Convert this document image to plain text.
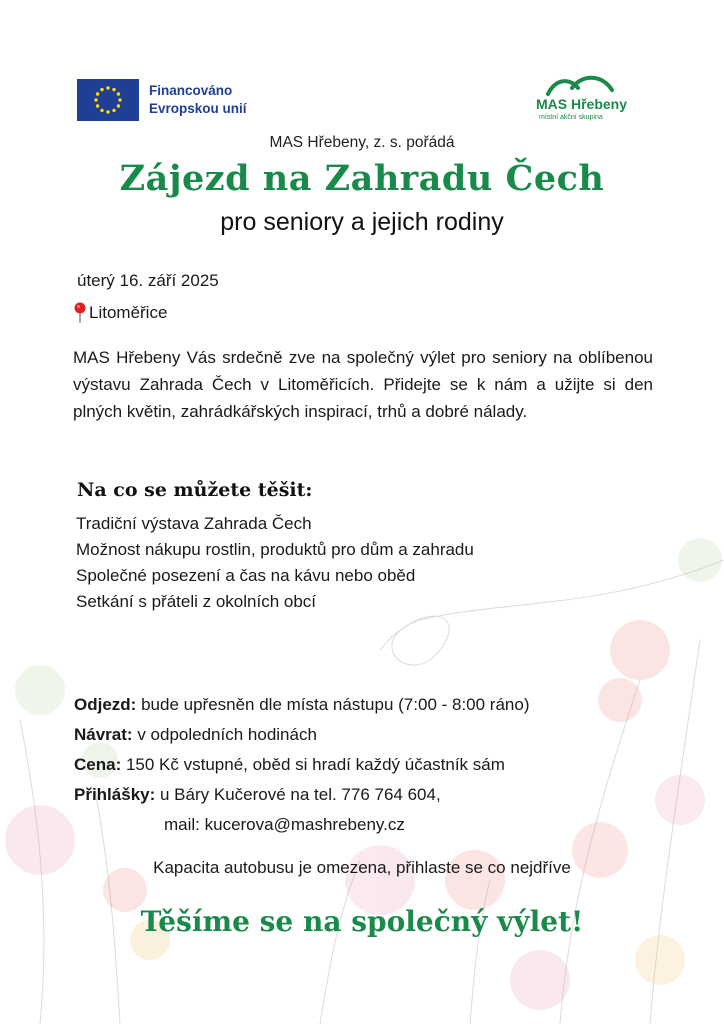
Financováno
Evropskou unií	MAS Hřebeny
místní akční skupina
MAS Hřebeny, z. s. pořádá
Zájezd na Zahradu Čech
pro seniory a jejich rodiny
úterý 16. září 2025
Litoměřice
MAS Hřebeny Vás srdečně zve na společný výlet pro seniory na oblíbenou výstavu Zahrada Čech v Litoměřicích. Přidejte se k nám a užijte si den plných květin, zahrádkářských inspirací, trhů a dobré nálady.
Na co se můžete těšit:
Tradiční výstava Zahrada Čech
Možnost nákupu rostlin, produktů pro dům a zahradu
Společné posezení a čas na kávu nebo oběd
Setkání s přáteli z okolních obcí
Odjezd: bude upřesněn dle místa nástupu (7:00 - 8:00 ráno)
Návrat: v odpoledních hodinách
Cena: 150 Kč vstupné, oběd si hradí každý účastník sám
Přihlášky: u Báry Kučerové na tel. 776 764 604,
mail: kucerova@mashrebeny.cz
Kapacita autobusu je omezena, přihlaste se co nejdříve
Těšíme se na společný výlet!
